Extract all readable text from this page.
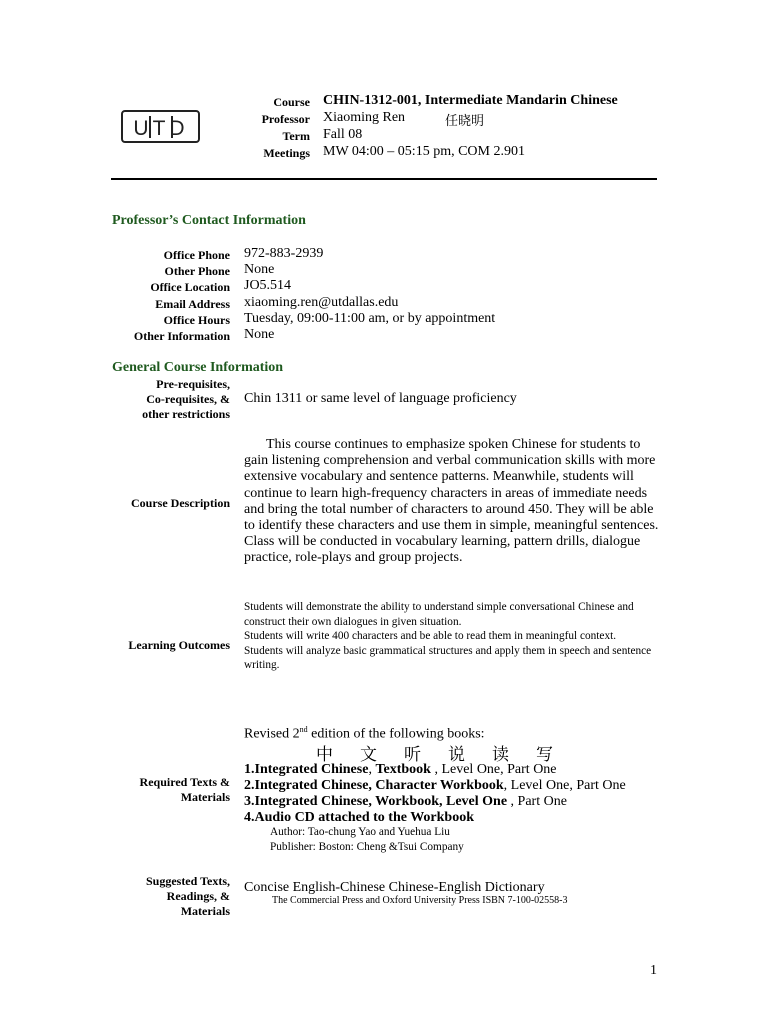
UTD
Course CHIN-1312-001, Intermediate Mandarin Chinese
Professor Xiaoming Ren	任晓明
Term Fall 08
Meetings MW 04:00 – 05:15 pm, COM 2.901
Professor’s Contact Information
Office Phone 972-883-2939
Other Phone None
Office Location JO5.514
Email Address xiaoming.ren@utdallas.edu
Office Hours Tuesday, 09:00-11:00 am, or by appointment
Other Information None
General Course Information
Pre-requisites,
Co-requisites, &
other restrictions
Chin 1311 or same level of language proficiency
Course Description
This course continues to emphasize spoken Chinese for students to gain listening comprehension and verbal communication skills with more extensive vocabulary and sentence patterns. Meanwhile, students will continue to learn high-frequency characters in areas of immediate needs and bring the total number of characters to around 450. They will be able to identify these characters and use them in simple, meaningful sentences. Class will be conducted in vocabulary learning, pattern drills, dialogue practice, role-plays and group projects.
Learning Outcomes
Students will demonstrate the ability to understand simple conversational Chinese and construct their own dialogues in given situation.
Students will write 400 characters and be able to read them in meaningful context.
Students will analyze basic grammatical structures and apply them in speech and sentence writing.
Revised 2nd edition of the following books:
中 文 听 说 读 写
Required Texts &
Materials
1.Integrated Chinese, Textbook , Level One, Part One
2.Integrated Chinese, Character Workbook, Level One, Part One
3.Integrated Chinese, Workbook, Level One , Part One
4.Audio CD attached to the Workbook
Author: Tao-chung Yao and Yuehua Liu
Publisher: Boston: Cheng &Tsui Company
Suggested Texts,
Readings, &
Materials
Concise English-Chinese Chinese-English Dictionary
The Commercial Press and Oxford University Press ISBN 7-100-02558-3
1
